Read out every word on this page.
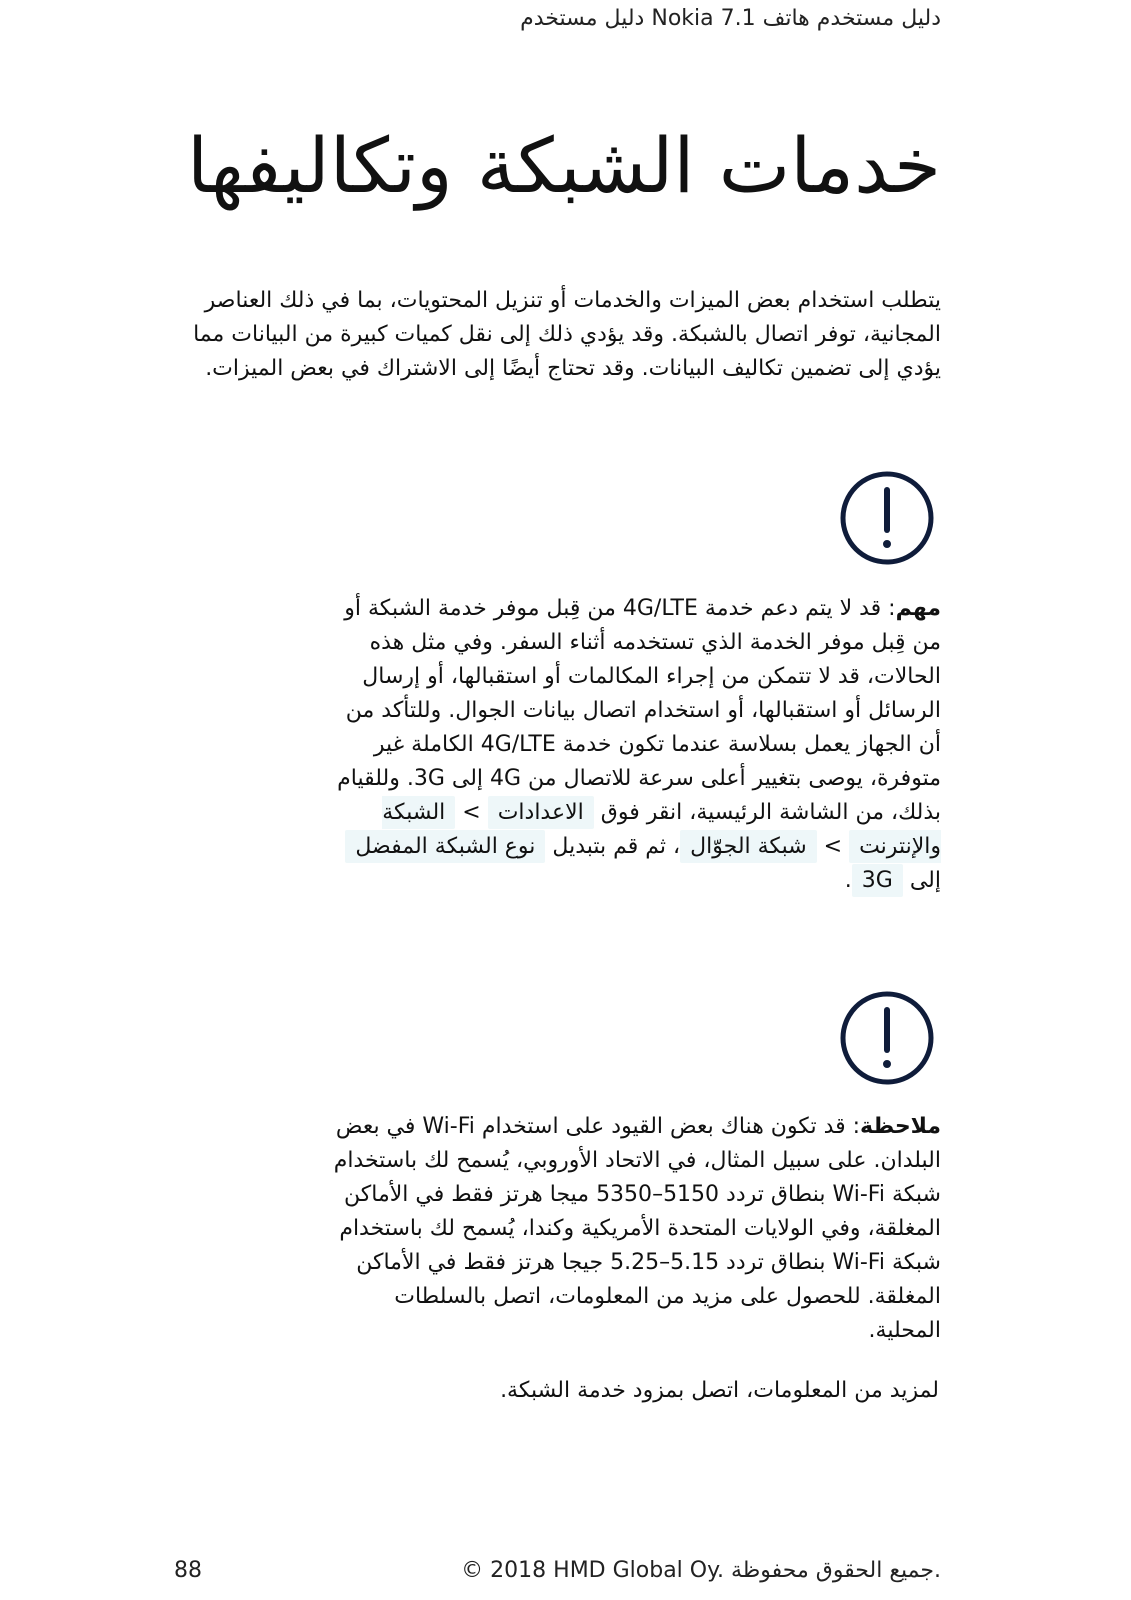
دليل مستخدم هاتف Nokia 7.1 دليل مستخدم
خدمات الشبكة وتكاليفها

يتطلب استخدام بعض الميزات والخدمات أو تنزيل المحتويات، بما في ذلك العناصر المجانية، توفر اتصال بالشبكة. وقد يؤدي ذلك إلى نقل كميات كبيرة من البيانات مما يؤدي إلى تضمين تكاليف البيانات. وقد تحتاج أيضًا إلى الاشتراك في بعض الميزات.

مهم: قد لا يتم دعم خدمة 4G/LTE من قِبل موفر خدمة الشبكة أو من قِبل موفر الخدمة الذي تستخدمه أثناء السفر. وفي مثل هذه الحالات، قد لا تتمكن من إجراء المكالمات أو استقبالها، أو إرسال الرسائل أو استقبالها، أو استخدام اتصال بيانات الجوال. وللتأكد من أن الجهاز يعمل بسلاسة عندما تكون خدمة 4G/LTE الكاملة غير متوفرة، يوصى بتغيير أعلى سرعة للاتصال من 4G إلى 3G. وللقيام بذلك، من الشاشة الرئيسية، انقر فوق الاعدادات > الشبكة والإنترنت > شبكة الجوّال، ثم قم بتبديل نوع الشبكة المفضل إلى 3G.

ملاحظة: قد تكون هناك بعض القيود على استخدام Wi-Fi في بعض البلدان. على سبيل المثال، في الاتحاد الأوروبي، يُسمح لك باستخدام شبكة Wi-Fi بنطاق تردد 5150–5350 ميجا هرتز فقط في الأماكن المغلقة، وفي الولايات المتحدة الأمريكية وكندا، يُسمح لك باستخدام شبكة Wi-Fi بنطاق تردد 5.15–5.25 جيجا هرتز فقط في الأماكن المغلقة. للحصول على مزيد من المعلومات، اتصل بالسلطات المحلية.

لمزيد من المعلومات، اتصل بمزود خدمة الشبكة.

© 2018 HMD Global Oy. جميع الحقوق محفوظة.
88
